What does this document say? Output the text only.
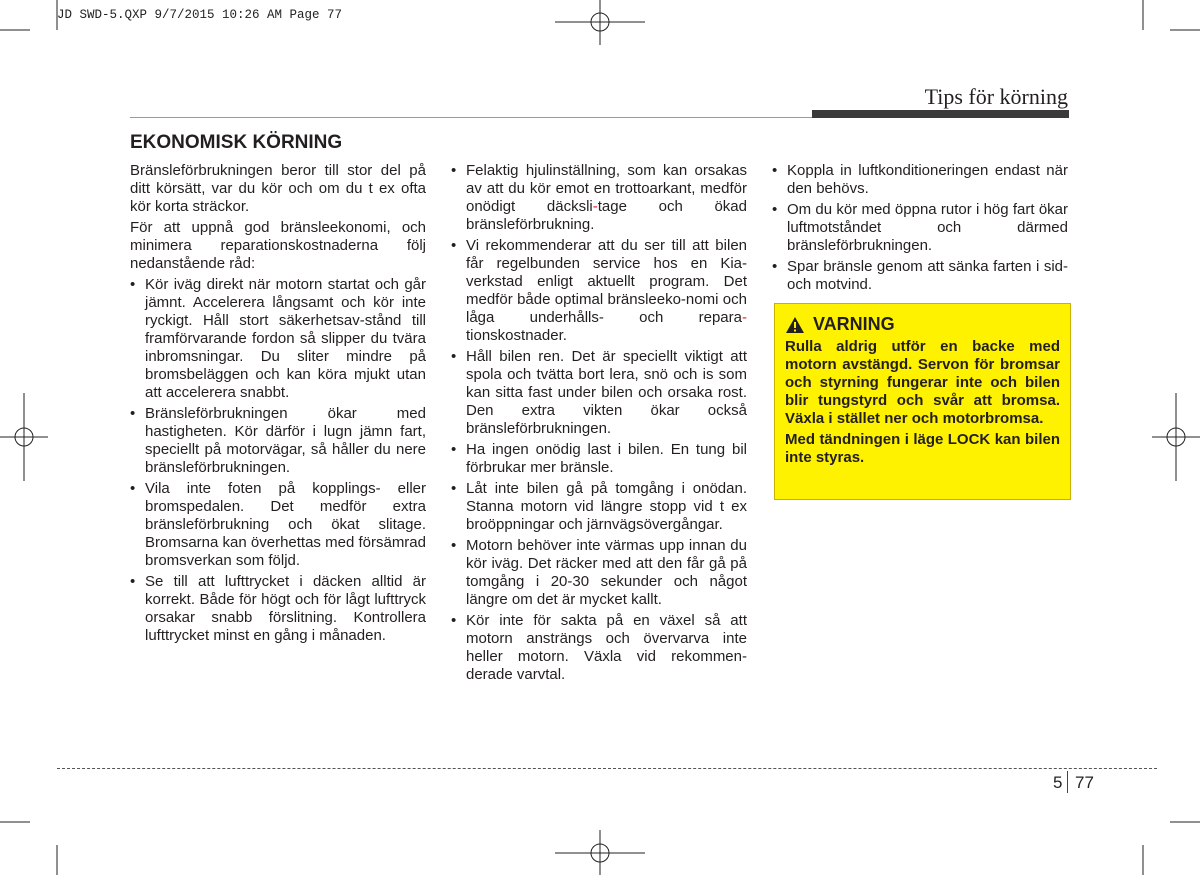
JD SWD-5.QXP 9/7/2015 10:26 AM Page 77
Tips för körning
EKONOMISK KÖRNING

Bränsleförbrukningen beror till stor del på ditt körsätt, var du kör och om du t ex ofta kör korta sträckor.

För att uppnå god bränsleekonomi, och minimera reparationskostnaderna följ nedanstående råd:

• Kör iväg direkt när motorn startat och går jämnt. Accelerera långsamt och kör inte ryckigt. Håll stort säkerhetsav-stånd till framförvarande fordon så slipper du tvära inbromsningar. Du sliter mindre på bromsbeläggen och kan köra mjukt utan att accelerera snabbt.
• Bränsleförbrukningen ökar med hastigheten. Kör därför i lugn jämn fart, speciellt på motorvägar, så håller du nere bränsleförbrukningen.
• Vila inte foten på kopplings- eller bromspedalen. Det medför extra bränsleförbrukning och ökat slitage. Bromsarna kan överhettas med försämrad bromsverkan som följd.
• Se till att lufttrycket i däcken alltid är korrekt. Både för högt och för lågt lufttryck orsakar snabb förslitning. Kontrollera lufttrycket minst en gång i månaden.
• Felaktig hjulinställning, som kan orsakas av att du kör emot en trottoarkant, medför onödigt däcksli-tage och ökad bränsleförbrukning.
• Vi rekommenderar att du ser till att bilen får regelbunden service hos en Kia-verkstad enligt aktuellt program. Det medför både optimal bränsleeko-nomi och låga underhålls- och repara-tionskostnader.
• Håll bilen ren. Det är speciellt viktigt att spola och tvätta bort lera, snö och is som kan sitta fast under bilen och orsaka rost. Den extra vikten ökar också bränsleförbrukningen.
• Ha ingen onödig last i bilen. En tung bil förbrukar mer bränsle.
• Låt inte bilen gå på tomgång i onödan. Stanna motorn vid längre stopp vid t ex broöppningar och järnvägsövergångar.
• Motorn behöver inte värmas upp innan du kör iväg. Det räcker med att den får gå på tomgång i 20-30 sekunder och något längre om det är mycket kallt.
• Kör inte för sakta på en växel så att motorn ansträngs och övervarva inte heller motorn. Växla vid rekommen-derade varvtal.
• Koppla in luftkonditioneringen endast när den behövs.
• Om du kör med öppna rutor i hög fart ökar luftmotståndet och därmed bränsleförbrukningen.
• Spar bränsle genom att sänka farten i sid- och motvind.
VARNING

Rulla aldrig utför en backe med motorn avstängd. Servon för bromsar och styrning fungerar inte och bilen blir tungstyrd och svår att bromsa. Växla i stället ner och motorbromsa.

Med tändningen i läge LOCK kan bilen inte styras.

5 77
